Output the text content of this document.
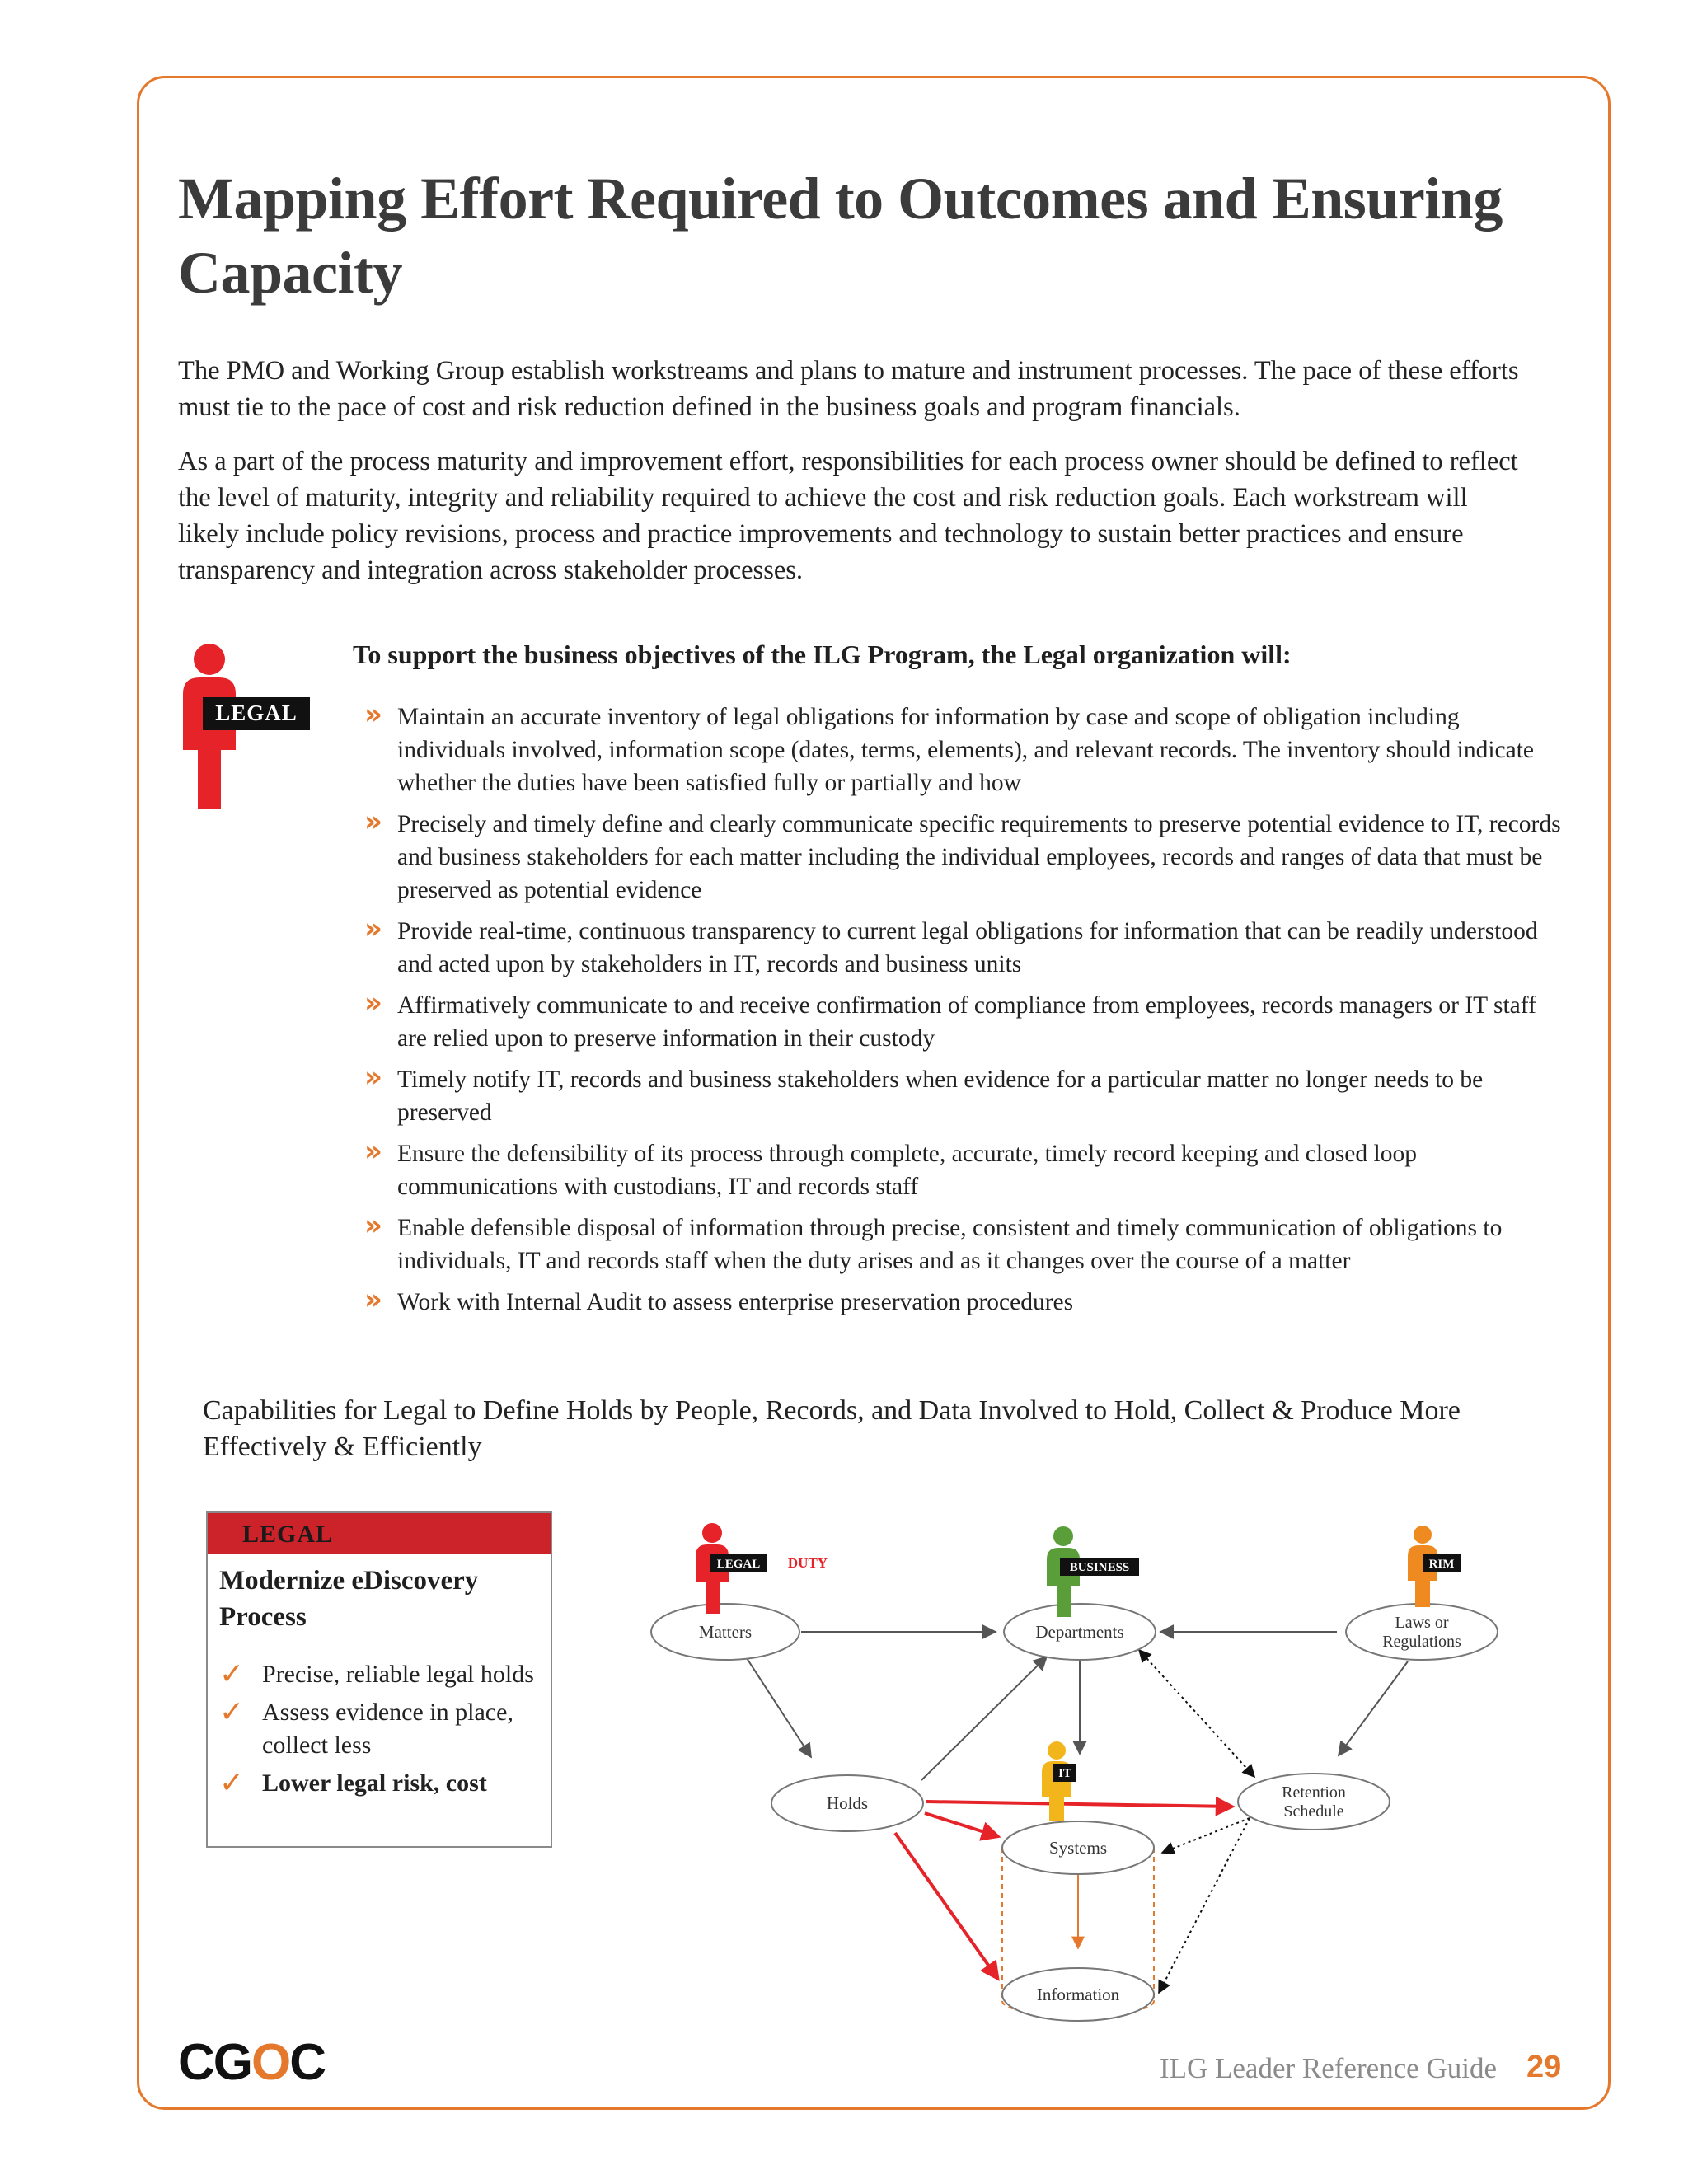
Mapping Effort Required to Outcomes and Ensuring Capacity

The PMO and Working Group establish workstreams and plans to mature and instrument processes. The pace of these efforts must tie to the pace of cost and risk reduction defined in the business goals and program financials.

As a part of the process maturity and improvement effort, responsibilities for each process owner should be defined to reflect the level of maturity, integrity and reliability required to achieve the cost and risk reduction goals. Each workstream will likely include policy revisions, process and practice improvements and technology to sustain better practices and ensure transparency and integration across stakeholder processes.

LEGAL

To support the business objectives of the ILG Program, the Legal organization will:

» Maintain an accurate inventory of legal obligations for information by case and scope of obligation including individuals involved, information scope (dates, terms, elements), and relevant records. The inventory should indicate whether the duties have been satisfied fully or partially and how
» Precisely and timely define and clearly communicate specific requirements to preserve potential evidence to IT, records and business stakeholders for each matter including the individual employees, records and ranges of data that must be preserved as potential evidence
» Provide real-time, continuous transparency to current legal obligations for information that can be readily understood and acted upon by stakeholders in IT, records and business units
» Affirmatively communicate to and receive confirmation of compliance from employees, records managers or IT staff are relied upon to preserve information in their custody
» Timely notify IT, records and business stakeholders when evidence for a particular matter no longer needs to be preserved
» Ensure the defensibility of its process through complete, accurate, timely record keeping and closed loop communications with custodians, IT and records staff
» Enable defensible disposal of information through precise, consistent and timely communication of obligations to individuals, IT and records staff when the duty arises and as it changes over the course of a matter
» Work with Internal Audit to assess enterprise preservation procedures

Capabilities for Legal to Define Holds by People, Records, and Data Involved to Hold, Collect & Produce More Effectively & Efficiently

LEGAL
Modernize eDiscovery Process
✓ Precise, reliable legal holds
✓ Assess evidence in place, collect less
✓ Lower legal risk, cost
Matters	Departments	Laws or
Regulations
Holds
Retention
Schedule
Systems
Information
LEGAL DUTY	BUSINESS	RIM
IT
CGOC	ILG Leader Reference Guide 29
